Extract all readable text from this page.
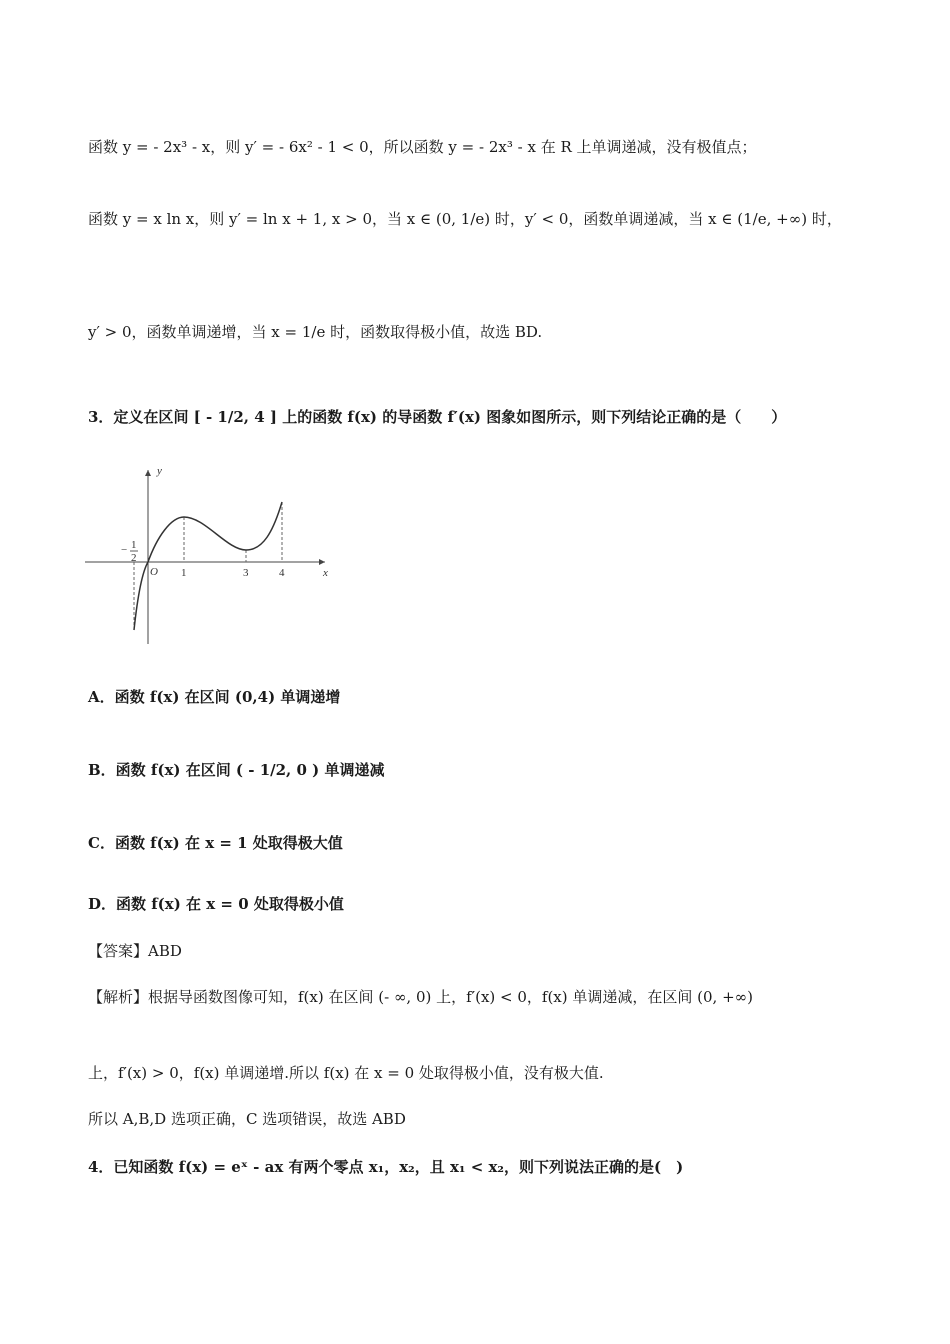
函数 y = - 2x³ - x，则 y′ = - 6x² - 1 < 0，所以函数 y = - 2x³ - x 在 R 上单调递减，没有极值点；
函数 y = x ln x，则 y′ = ln x + 1, x > 0，当 x ∈ (0, 1/e) 时，y′ < 0，函数单调递减，当 x ∈ (1/e, +∞) 时，
y′ > 0，函数单调递增，当 x = 1/e 时，函数取得极小值，故选 BD.
3．定义在区间 [ - 1/2, 4 ] 上的函数 f(x) 的导函数 f′(x) 图象如图所示，则下列结论正确的是（　　）
y
x
O
− 1
2
1	3	4
A．函数 f(x) 在区间 (0,4) 单调递增
B．函数 f(x) 在区间 ( - 1/2, 0 ) 单调递减
C．函数 f(x) 在 x = 1 处取得极大值
D．函数 f(x) 在 x = 0 处取得极小值
【答案】ABD
【解析】根据导函数图像可知，f(x) 在区间 (- ∞, 0) 上，f′(x) < 0，f(x) 单调递减，在区间 (0, +∞)
上，f′(x) > 0，f(x) 单调递增.所以 f(x) 在 x = 0 处取得极小值，没有极大值.
所以 A,B,D 选项正确，C 选项错误，故选 ABD
4．已知函数 f(x) = eˣ - ax 有两个零点 x₁，x₂，且 x₁ < x₂，则下列说法正确的是(　)
